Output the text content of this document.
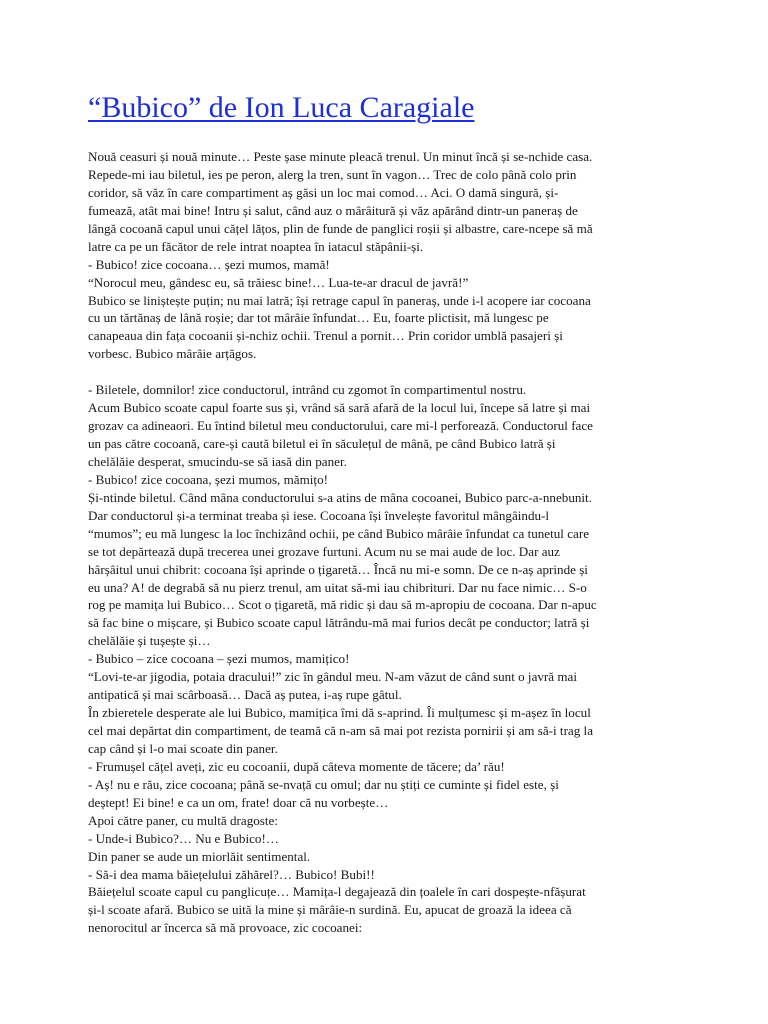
“Bubico” de Ion Luca Caragiale
Nouă ceasuri și nouă minute… Peste șase minute pleacă trenul. Un minut încă și se-nchide casa.
Repede-mi iau biletul, ies pe peron, alerg la tren, sunt în vagon… Trec de colo până colo prin
coridor, să văz în care compartiment aș găsi un loc mai comod… Aci. O damă singură, și-
fumează, atât mai bine! Intru și salut, când auz o mârâitură și văz apărând dintr-un paneraș de
lângă cocoană capul unui cățel lățos, plin de funde de panglici roșii și albastre, care-ncepe să mă
latre ca pe un făcător de rele intrat noaptea în iatacul stăpânii-și.
- Bubico! zice cocoana… șezi mumos, mamă!
“Norocul meu, gândesc eu, să trăiesc bine!… Lua-te-ar dracul de javră!”
Bubico se liniștește puțin; nu mai latră; își retrage capul în paneraș, unde i-l acopere iar cocoana
cu un tărtănaș de lână roșie; dar tot mârâie înfundat… Eu, foarte plictisit, mă lungesc pe
canapeaua din fața cocoanii și-nchiz ochii. Trenul a pornit… Prin coridor umblă pasajeri și
vorbesc. Bubico mârâie arțăgos.
- Biletele, domnilor! zice conductorul, intrând cu zgomot în compartimentul nostru.
Acum Bubico scoate capul foarte sus și, vrând să sară afară de la locul lui, începe să latre și mai
grozav ca adineaori. Eu întind biletul meu conductorului, care mi-l perforează. Conductorul face
un pas către cocoană, care-și caută biletul ei în săculețul de mână, pe când Bubico latră și
chelălăie desperat, smucindu-se să iasă din paner.
- Bubico! zice cocoana, șezi mumos, mămițo!
Și-ntinde biletul. Când mâna conductorului s-a atins de mâna cocoanei, Bubico parc-a-nnebunit.
Dar conductorul și-a terminat treaba și iese. Cocoana își învelește favoritul mângâindu-l
“mumos”; eu mă lungesc la loc închizând ochii, pe când Bubico mârâie înfundat ca tunetul care
se tot depărtează după trecerea unei grozave furtuni. Acum nu se mai aude de loc. Dar auz
hârșâitul unui chibrit: cocoana își aprinde o țigaretă… Încă nu mi-e somn. De ce n-aș aprinde și
eu una? A! de degrabă să nu pierz trenul, am uitat să-mi iau chibrituri. Dar nu face nimic… S-o
rog pe mamița lui Bubico… Scot o țigaretă, mă ridic și dau să m-apropiu de cocoana. Dar n-apuc
să fac bine o mișcare, și Bubico scoate capul lătrându-mă mai furios decât pe conductor; latră și
chelălăie și tușește și…
- Bubico – zice cocoana – șezi mumos, mamițico!
“Lovi-te-ar jigodia, potaia dracului!” zic în gândul meu. N-am văzut de când sunt o javră mai
antipatică și mai scârboasă… Dacă aș putea, i-aș rupe gâtul.
În zbieretele desperate ale lui Bubico, mamițica îmi dă s-aprind. Îi mulțumesc și m-așez în locul
cel mai depărtat din compartiment, de teamă că n-am să mai pot rezista pornirii și am să-i trag la
cap când și l-o mai scoate din paner.
- Frumușel cățel aveți, zic eu cocoanii, după câteva momente de tăcere; da’ rău!
- Aș! nu e rău, zice cocoana; până se-nvață cu omul; dar nu știți ce cuminte și fidel este, și
deștept! Ei bine! e ca un om, frate! doar că nu vorbește…
Apoi către paner, cu multă dragoste:
- Unde-i Bubico?… Nu e Bubico!…
Din paner se aude un miorlăit sentimental.
- Să-i dea mama băiețelului zăhărel?… Bubico! Bubi!!
Băiețelul scoate capul cu panglicuțe… Mamița-l degajează din țoalele în cari dospește-nfășurat
și-l scoate afară. Bubico se uită la mine și mârâie-n surdină. Eu, apucat de groază la ideea că
nenorocitul ar încerca să mă provoace, zic cocoanei:
